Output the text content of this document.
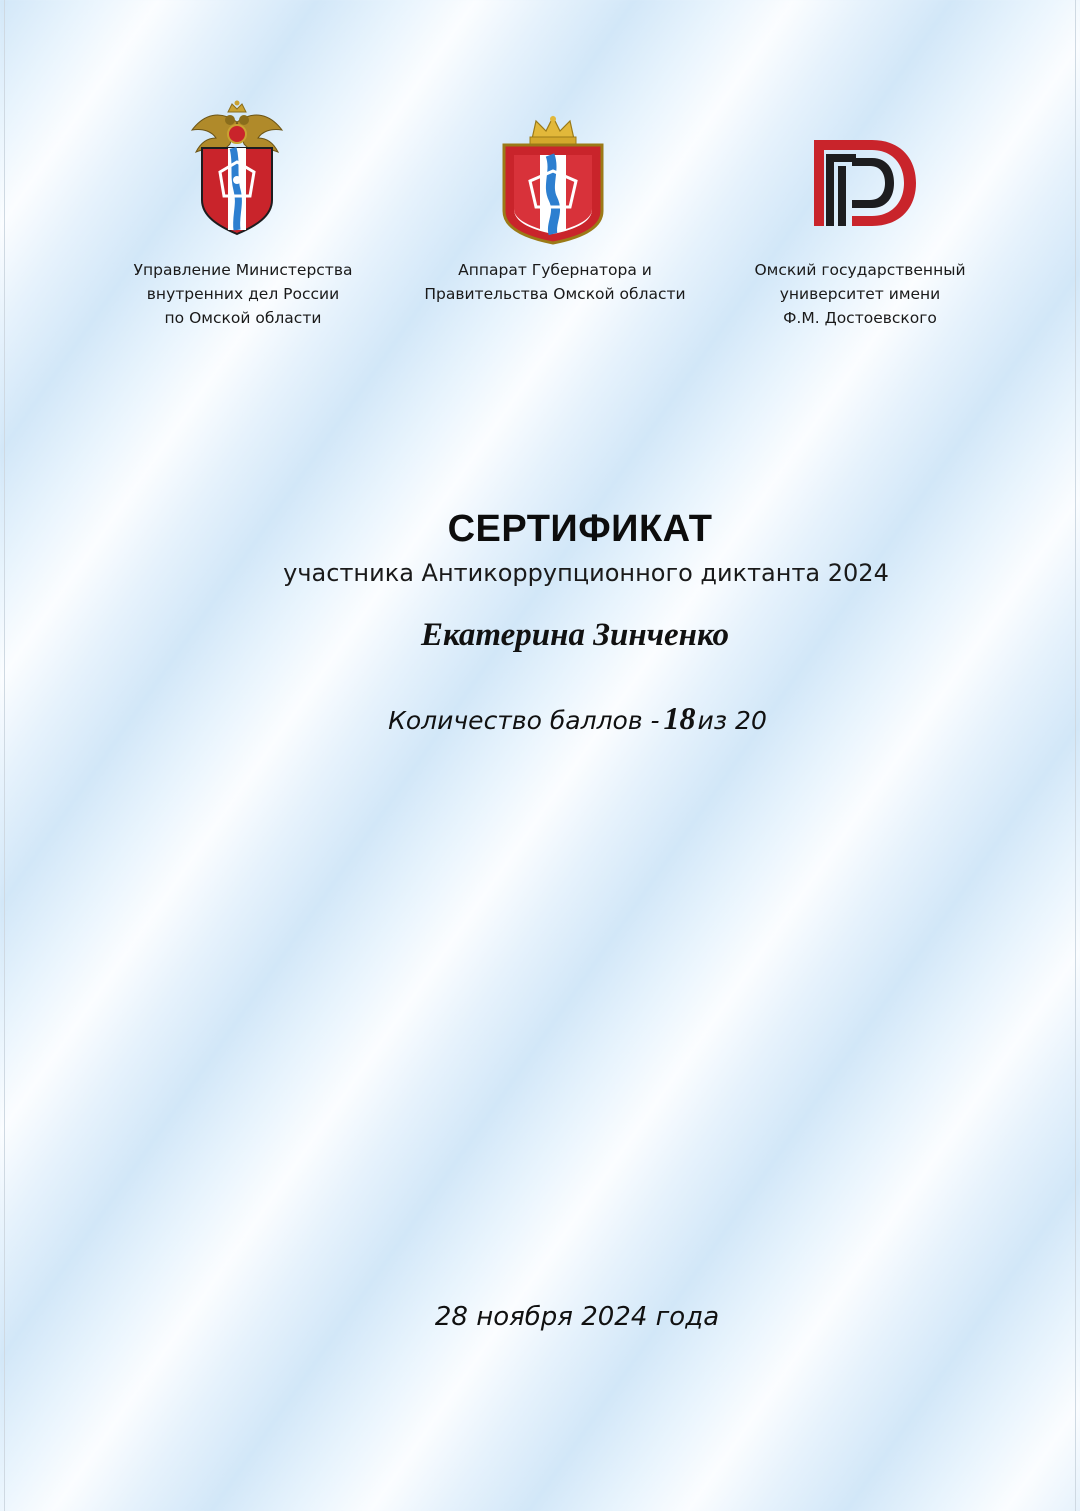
Управление Министерства
внутренних дел России
по Омской области
Аппарат Губернатора и
Правительства Омской области
Омский государственный
университет имени
Ф.М. Достоевского
СЕРТИФИКАТ
участника Антикоррупционного диктанта 2024
Екатерина Зинченко
Количество баллов - 18из 20
28 ноября 2024 года
